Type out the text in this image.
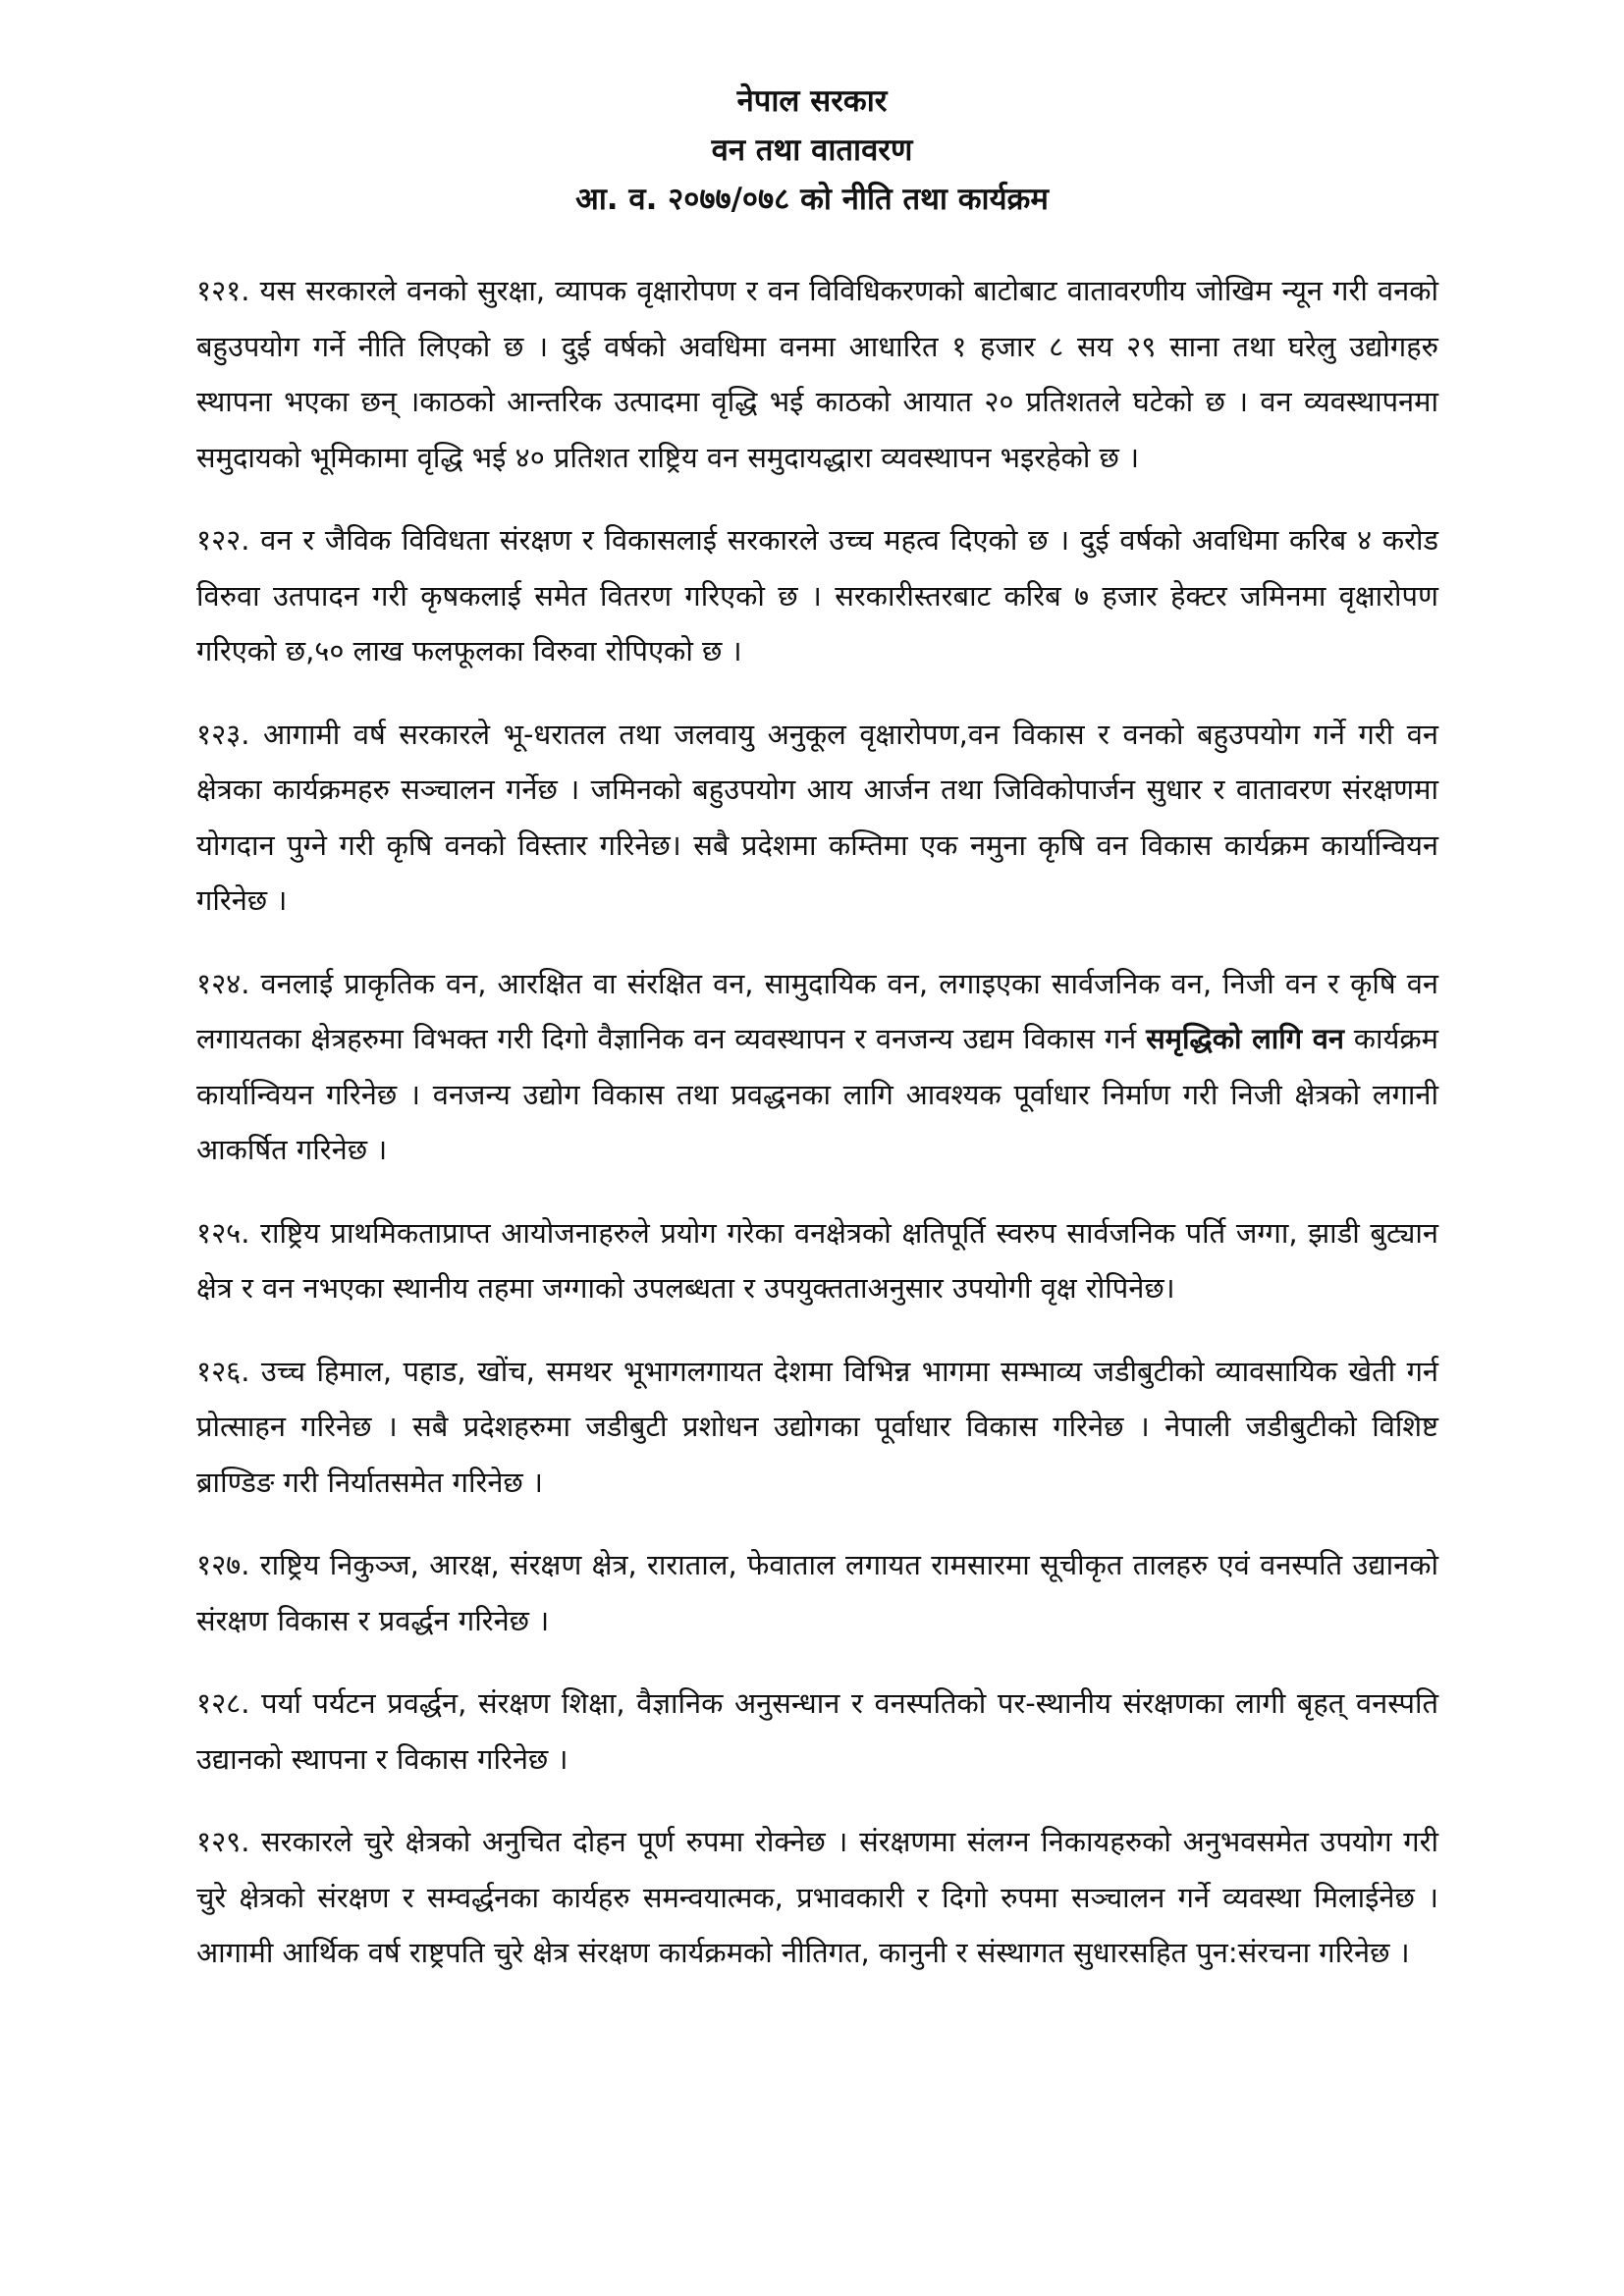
नेपाल सरकार

वन तथा वातावरण

आ. व. २०७७/०७८ को नीति तथा कार्यक्रम

१२१. यस सरकारले वनको सुरक्षा, व्यापक वृक्षारोपण र वन विविधिकरणको बाटोबाट वातावरणीय जोखिम न्यून गरी वनको बहुउपयोग गर्ने नीति लिएको छ । दुई वर्षको अवधिमा वनमा आधारित १ हजार ८ सय २९ साना तथा घरेलु उद्योगहरु स्थापना भएका छन् ।काठको आन्तरिक उत्पादमा वृद्धि भई काठको आयात २० प्रतिशतले घटेको छ । वन व्यवस्थापनमा समुदायको भूमिकामा वृद्धि भई ४० प्रतिशत राष्ट्रिय वन समुदायद्धारा व्यवस्थापन भइरहेको छ ।

१२२. वन र जैविक विविधता संरक्षण र विकासलाई सरकारले उच्च महत्व दिएको छ । दुई वर्षको अवधिमा करिब ४ करोड विरुवा उतपादन गरी कृषकलाई समेत वितरण गरिएको छ । सरकारीस्तरबाट करिब ७ हजार हेक्टर जमिनमा वृक्षारोपण गरिएको छ,५० लाख फलफूलका विरुवा रोपिएको छ ।

१२३. आगामी वर्ष सरकारले भू-धरातल तथा जलवायु अनुकूल वृक्षारोपण,वन विकास र वनको बहुउपयोग गर्ने गरी वन क्षेत्रका कार्यक्रमहरु सञ्चालन गर्नेछ । जमिनको बहुउपयोग आय आर्जन तथा जिविकोपार्जन सुधार र वातावरण संरक्षणमा योगदान पुग्ने गरी कृषि वनको विस्तार गरिनेछ। सबै प्रदेशमा कम्तिमा एक नमुना कृषि वन विकास कार्यक्रम कार्यान्वियन गरिनेछ ।

१२४. वनलाई प्राकृतिक वन, आरक्षित वा संरक्षित वन, सामुदायिक वन, लगाइएका सार्वजनिक वन, निजी वन र कृषि वन लगायतका क्षेत्रहरुमा विभक्त गरी दिगो वैज्ञानिक वन व्यवस्थापन र वनजन्य उद्यम विकास गर्न समृद्धिको लागि वन कार्यक्रम कार्यान्वियन गरिनेछ । वनजन्य उद्योग विकास तथा प्रवद्धनका लागि आवश्यक पूर्वाधार निर्माण गरी निजी क्षेत्रको लगानी आकर्षित गरिनेछ ।

१२५. राष्ट्रिय प्राथमिकताप्राप्त आयोजनाहरुले प्रयोग गरेका वनक्षेत्रको क्षतिपूर्ति स्वरुप सार्वजनिक पर्ति जग्गा, झाडी बुट्यान क्षेत्र र वन नभएका स्थानीय तहमा जग्गाको उपलब्धता र उपयुक्तताअनुसार उपयोगी वृक्ष रोपिनेछ।

१२६. उच्च हिमाल, पहाड, खोंच, समथर भूभागलगायत देशमा विभिन्न भागमा सम्भाव्य जडीबुटीको व्यावसायिक खेती गर्न प्रोत्साहन गरिनेछ । सबै प्रदेशहरुमा जडीबुटी प्रशोधन उद्योगका पूर्वाधार विकास गरिनेछ । नेपाली जडीबुटीको विशिष्ट ब्राण्डिङ गरी निर्यातसमेत गरिनेछ ।

१२७. राष्ट्रिय निकुञ्ज, आरक्ष, संरक्षण क्षेत्र, राराताल, फेवाताल लगायत रामसारमा सूचीकृत तालहरु एवं वनस्पति उद्यानको संरक्षण विकास र प्रवर्द्धन गरिनेछ ।

१२८. पर्या पर्यटन प्रवर्द्धन, संरक्षण शिक्षा, वैज्ञानिक अनुसन्धान र वनस्पतिको पर-स्थानीय संरक्षणका लागी बृहत् वनस्पति उद्यानको स्थापना र विकास गरिनेछ ।

१२९. सरकारले चुरे क्षेत्रको अनुचित दोहन पूर्ण रुपमा रोक्नेछ । संरक्षणमा संलग्न निकायहरुको अनुभवसमेत उपयोग गरी चुरे क्षेत्रको संरक्षण र सम्वर्द्धनका कार्यहरु समन्वयात्मक, प्रभावकारी र दिगो रुपमा सञ्चालन गर्ने व्यवस्था मिलाईनेछ । आगामी आर्थिक वर्ष राष्ट्रपति चुरे क्षेत्र संरक्षण कार्यक्रमको नीतिगत, कानुनी र संस्थागत सुधारसहित पुन:संरचना गरिनेछ ।
